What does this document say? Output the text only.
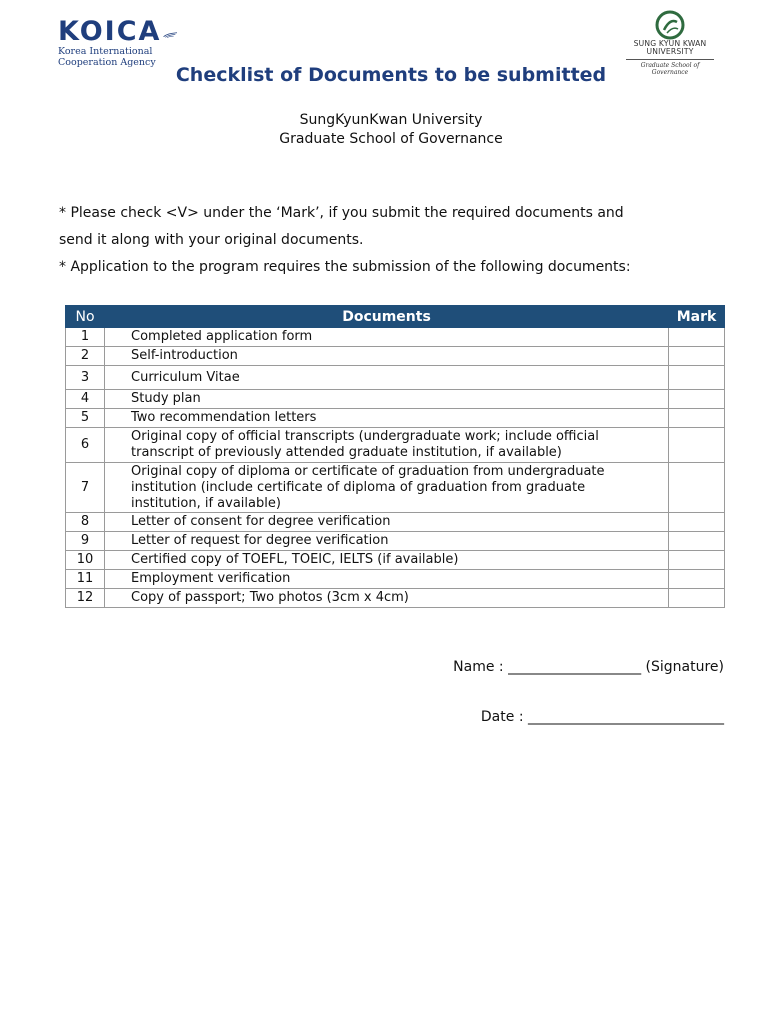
KOICA
Korea International
Cooperation Agency
SUNG KYUN KWAN
UNIVERSITY
Graduate School of
Governance
Checklist of Documents to be submitted
SungKyunKwan University
Graduate School of Governance
* Please check <V> under the ‘Mark’, if you submit the required documents and
send it along with your original documents.
* Application to the program requires the submission of the following documents:
No	Documents	Mark
1	Completed application form	
2	Self-introduction	
3	Curriculum Vitae	
4	Study plan	
5	Two recommendation letters	
6	Original copy of official transcripts (undergraduate work; include official
transcript of previously attended graduate institution, if available)	

7	Original copy of diploma or certificate of graduation from undergraduate
institution (include certificate of diploma of graduation from graduate
institution, if available)	

8	Letter of consent for degree verification	
9	Letter of request for degree verification	
10	Certified copy of TOEFL, TOEIC, IELTS (if available)	
11	Employment verification	
12	Copy of passport; Two photos (3cm x 4cm)	
Name : ___________________ (Signature)
Date : ____________________________
